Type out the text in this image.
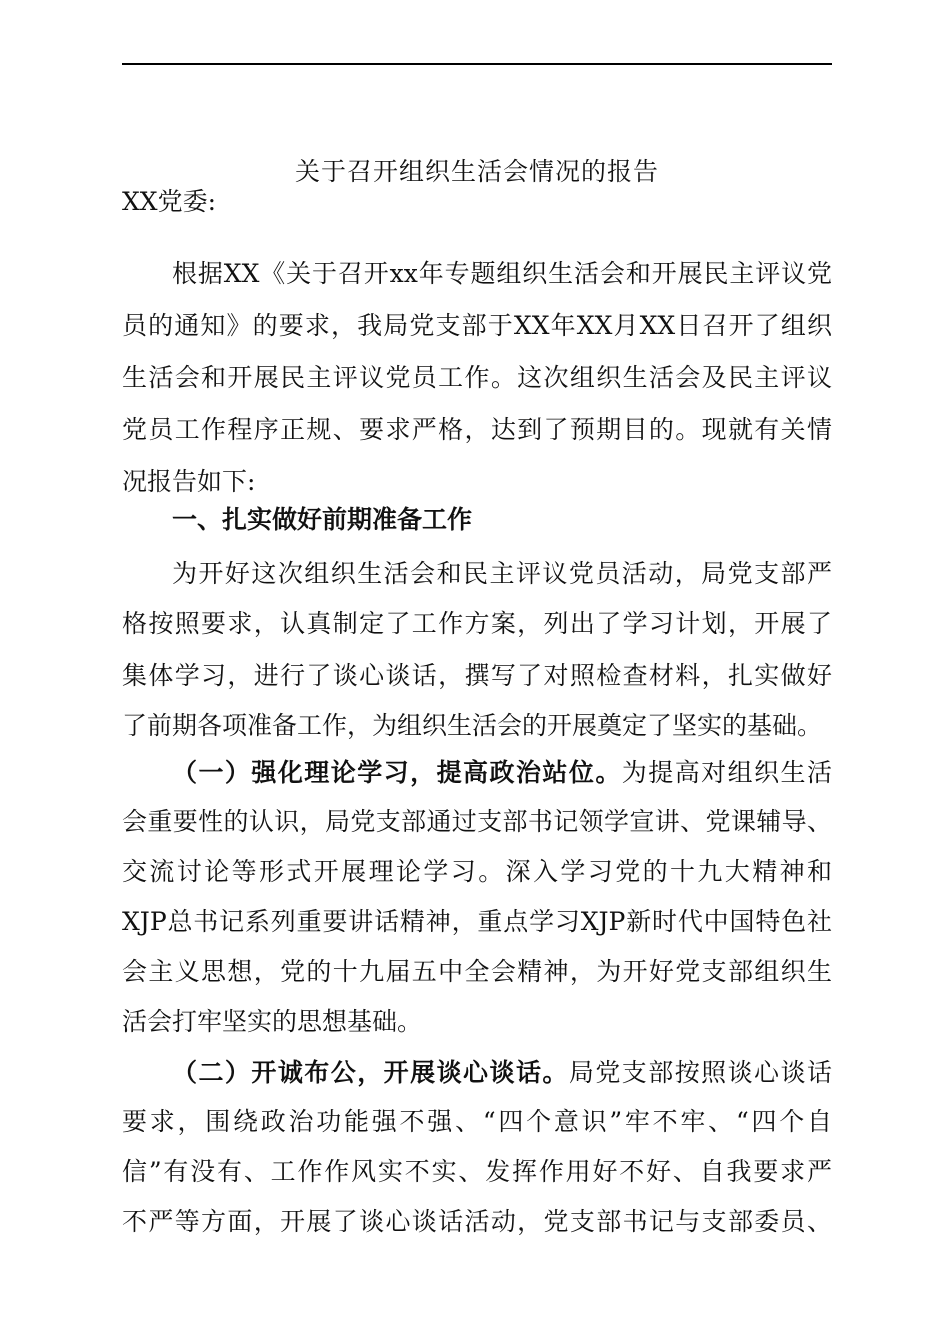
关于召开组织生活会情况的报告
XX党委:
根据XX《关于召开xx年专题组织生活会和开展民主评议党
员的通知》的要求，我局党支部于XX年XX月XX日召开了组织
生活会和开展民主评议党员工作。这次组织生活会及民主评议
党员工作程序正规、要求严格，达到了预期目的。现就有关情
况报告如下:
一、扎实做好前期准备工作
为开好这次组织生活会和民主评议党员活动，局党支部严
格按照要求，认真制定了工作方案，列出了学习计划，开展了
集体学习，进行了谈心谈话，撰写了对照检查材料，扎实做好
了前期各项准备工作，为组织生活会的开展奠定了坚实的基础。
（一）强化理论学习，提高政治站位。为提高对组织生活
会重要性的认识，局党支部通过支部书记领学宣讲、党课辅导、
交流讨论等形式开展理论学习。深入学习党的十九大精神和
XJP总书记系列重要讲话精神，重点学习XJP新时代中国特色社
会主义思想，党的十九届五中全会精神，为开好党支部组织生
活会打牢坚实的思想基础。
（二）开诚布公，开展谈心谈话。局党支部按照谈心谈话
要求，围绕政治功能强不强、“四个意识”牢不牢、“四个自
信”有没有、工作作风实不实、发挥作用好不好、自我要求严
不严等方面，开展了谈心谈话活动，党支部书记与支部委员、
